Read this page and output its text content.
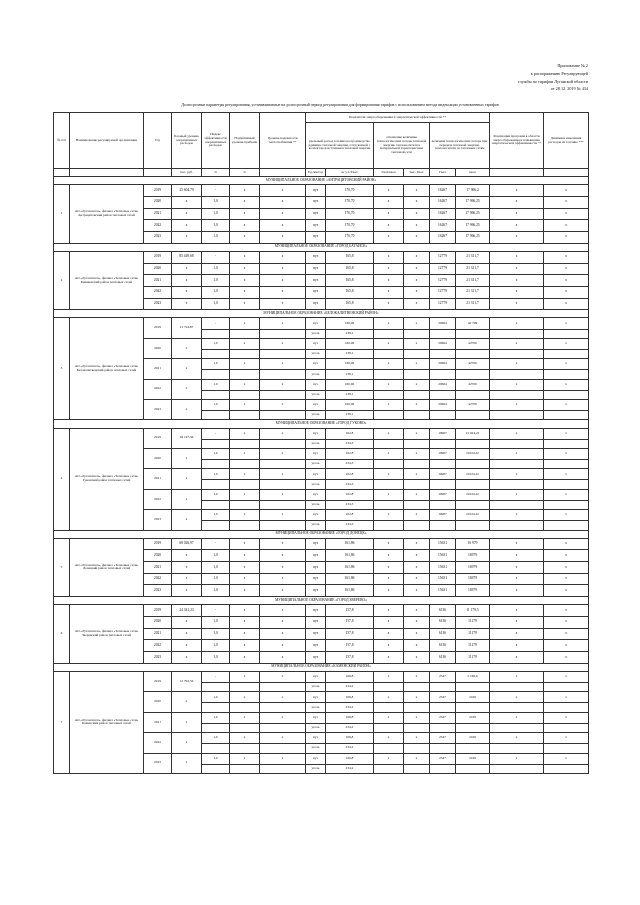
Приложение № 2
к распоряжению Регулирующей
службы по тарифам Луганской области
от 28.12. 2019 № 434
Долгосрочные параметры регулирования, устанавливаемые на долгосрочный период регулирования для формирования тарифов с использованием метода индексации установленных тарифов
№ п/п	Наименование регулируемой организации	Год	Базовый уровень операционных расходов	Индекс эффективности операционных расходов	Нормативный уровень прибыли	Уровень надежности теплоснабжения **	Показатели энергосбережения и энергетической эффективности **						Реализация программ в области энергосбережения и повышения энергетической эффективности **	Динамика изменения расходов на топливо ***
							удельный расход топлива на производство единицы тепловой энергии, отпускаемой с коллекторов источников тепловой энергии		отношение величины технологических потерь тепловой энергии, теплоносителя к материальной характеристике тепловой сети		величина технологических потерь при передаче тепловой энергии, теплоносителя по тепловым сетям			
			тыс. руб.	%	%		Ед./км/год	кг у.т./Гкал	Гкал/кв.м	тыс. Гкал	Гкал	кв.м		
МУНИЦИПАЛЬНОЕ ОБРАЗОВАНИЕ «АНТРАЦИТОВСКИЙ РАЙОН»														
1	АО «Лугансктеп», филиал «Тепловые сети» Антрацитовский район тепловых сетей	2019	25 604,79	-	х	х	пуз	170,70	х	х	16267	17 966,2	х	х
		2020	х	1,0	х	х	пуз	170,70	х	х	16267	17 966,25	х	х
		2021	х	1,0	х	х	пуз	170,70	х	х	16267	17 966,25	х	х
		2022	х	1,0	х	х	пуз	170,70	х	х	16267	17 966,25	х	х
		2023	х	1,0	х	х	пуз	170,70	х	х	16267	17 966,25	х	х
МУНИЦИПАЛЬНОЕ ОБРАЗОВАНИЕ «ГОРОД БАТАЙСК»														
2	АО «Лугансктеп», филиал «Тепловые сети» Брянковский район тепловых сетей	2019	85 449,68	-	х	х	пуз	165,8	х	х	12779	21 311,7	х	х
		2020	х	1,0	х	х	пуз	165,8	х	х	12779	21 311,7	х	х
		2021	х	1,0	х	х	пуз	165,8	х	х	12779	21 311,7	х	х
		2022	х	1,0	х	х	пуз	165,8	х	х	12779	21 311,7	х	х
		2023	х	1,0	х	х	пуз	165,8	х	х	12779	21 311,7	х	х
МУНИЦИПАЛЬНОЕ ОБРАЗОВАНИЕ «БЕЛОКАЛИТВЕНСКИЙ РАЙОН»														
3	АО «Лугансктеп», филиал «Тепловые сети» Белокалитвенский район тепловых сетей	2019	21 724,87	-	х	х	пуз	160,06	х	х	20664	42 709	х	х
							уголь	238,1						
		2020	х	1,0	х	х	пуз	160,06	х	х	20664	42709	х	х
							уголь	238,1						
		2021	х	1,0	х	х	пуз	160,06	х	х	20664	42709	х	х
							уголь	238,1						
		2022	х	1,0	х	х	пуз	160,06	х	х	20664	42709	х	х
							уголь	238,1						
		2023	х	1,0	х	х	пуз	160,06	х	х	20664	42709	х	х
							уголь	238,1						
МУНИЦИПАЛЬНОЕ ОБРАЗОВАНИЕ «ГОРОД ГУКОВО»														
4	АО «Лугансктеп», филиал «Тепловые сети» Гуковский район тепловых сетей	2019	94 147,36	-	х	х	пуз	162,8	х	х	19967	21 024,22	х	х
							уголь	234,3						
		2020	х	1,0	х	х	пуз	162,8	х	х	19967	21024,22	х	х
							уголь	234,3						
		2021	х	1,0	х	х	пуз	162,8	х	х	19967	21024,22	х	х
							уголь	234,3						
		2022	х	1,0	х	х	пуз	162,8	х	х	19967	21024,22	х	х
							уголь	234,3						
		2023	х	1,0	х	х	пуз	162,8	х	х	19967	21024,22	х	х
							уголь	234,3						
МУНИЦИПАЛЬНОЕ ОБРАЗОВАНИЕ «ГОРОД ДОНЕЦК»														
5	АО «Лугансктеп», филиал «Тепловые сети» Донецкий район тепловых сетей	2019	68 026,97	-	х	х	пуз	161,86	х	х	15631	16 979	х	х
		2020	х	1,0	х	х	пуз	161,86	х	х	15631	16979	х	х
		2021	х	1,0	х	х	пуз	161,86	х	х	15631	16979	х	х
		2022	х	1,0	х	х	пуз	161,86	х	х	15631	16979	х	х
		2023	х	1,0	х	х	пуз	161,86	х	х	15631	16979	х	х
МУНИЦИПАЛЬНОЕ ОБРАЗОВАНИЕ «ГОРОД ЗВЕРЕВО»														
6	АО «Лугансктеп», филиал «Тепловые сети» Зверевский район тепловых сетей	2019	24 341,23	-	х	х	пуз	157,8	х	х	6136	11 179,5	х	х
		2020	х	1,0	х	х	пуз	157,8	х	х	6136	11179	х	х
		2021	х	1,0	х	х	пуз	157,8	х	х	6136	11179	х	х
		2022	х	1,0	х	х	пуз	157,8	х	х	6136	11179	х	х
		2023	х	1,0	х	х	пуз	157,8	х	х	6136	11179	х	х
МУНИЦИПАЛЬНОЕ ОБРАЗОВАНИЕ «КАМЕНСКИЙ РАЙОН»														
7	АО «Лугансктеп», филиал «Тепловые сети» Каменский район тепловых сетей	2019	13 792,56	-	х	х	пуз	166,8	х	х	2347	2 169,6	х	х
							уголь	234,2						
		2020	х	1,0	х	х	пуз	166,8	х	х	2347	2169	х	х
							уголь	234,2						
		2021	х	1,0	х	х	пуз	166,8	х	х	2347	2169	х	х
							уголь	234,2						
		2022	х	1,0	х	х	пуз	166,8	х	х	2347	2169	х	х
							уголь	234,2						
		2023	х	1,0	х	х	пуз	166,8	х	х	2347	2169	х	х
							уголь	234,2						
